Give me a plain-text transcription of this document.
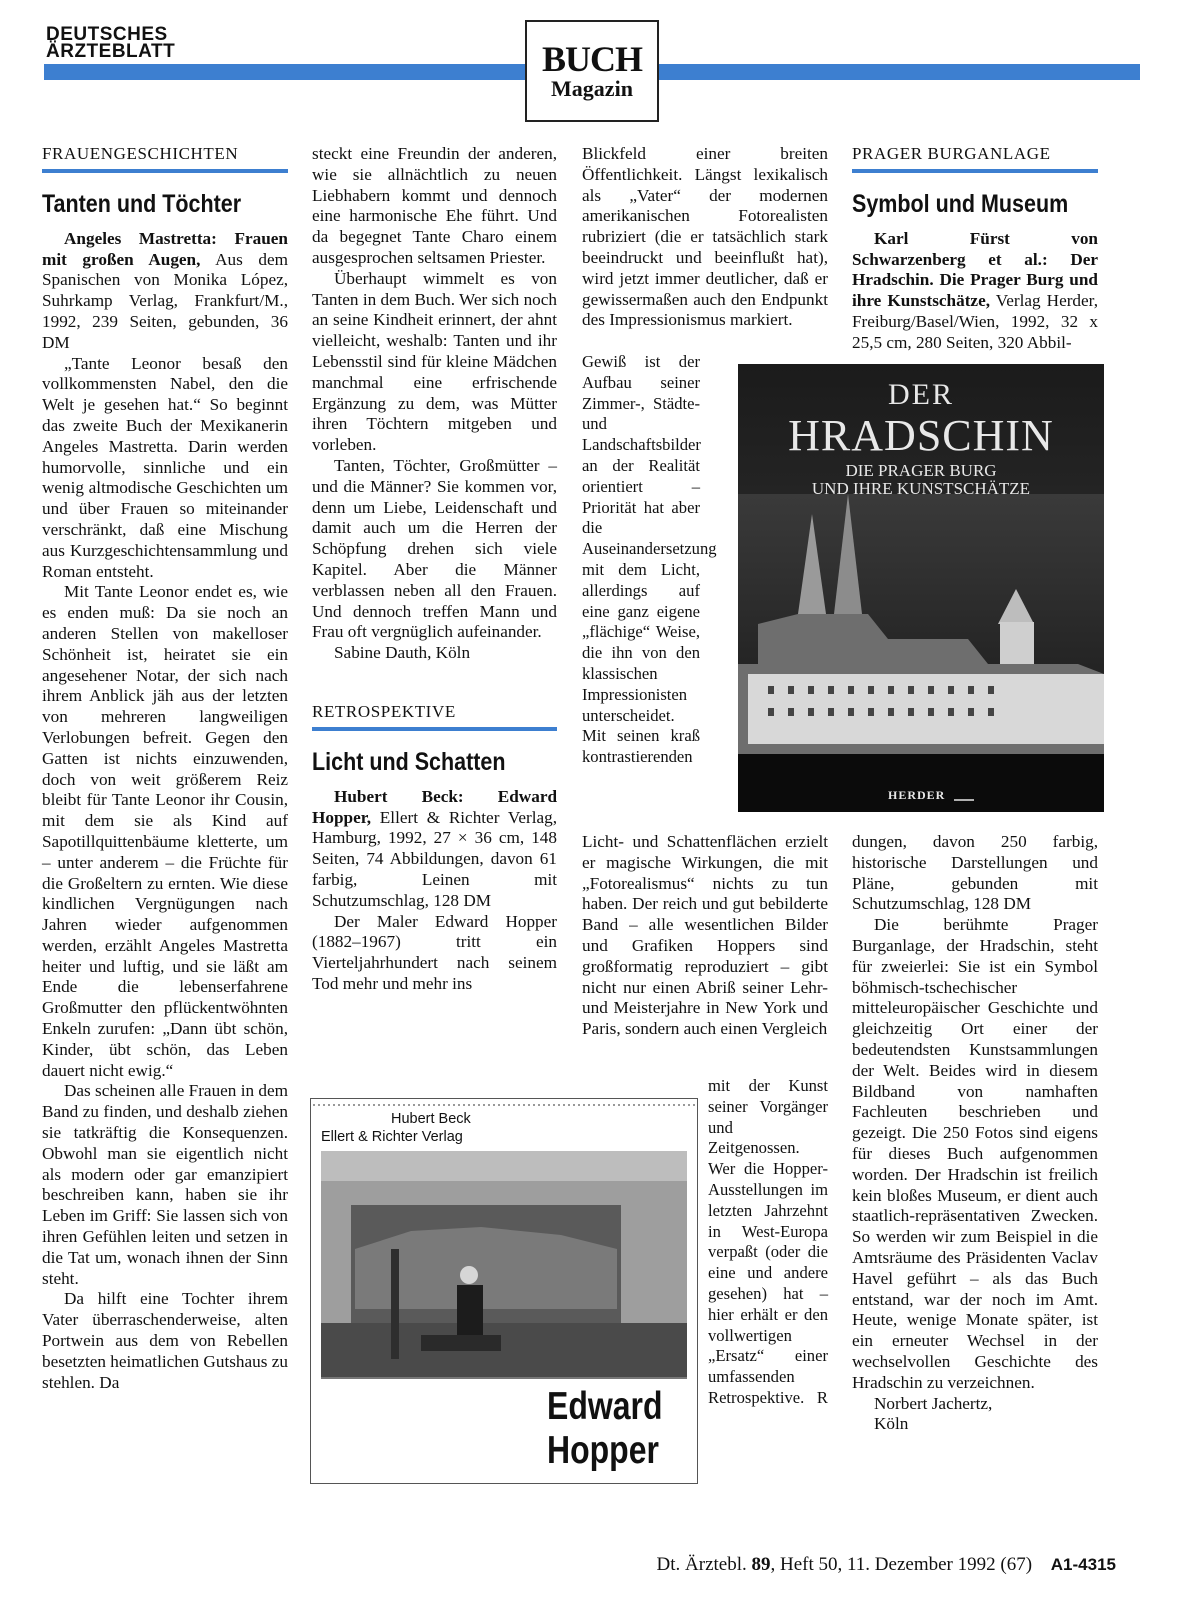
DEUTSCHES
ÄRZTEBLATT	BUCH
Magazin
FRAUENGESCHICHTEN
Tanten und Töchter

Angeles Mastretta: Frauen mit großen Augen, Aus dem Spanischen von Monika López, Suhrkamp Verlag, Frankfurt/M., 1992, 239 Seiten, gebunden, 36 DM

„Tante Leonor besaß den vollkommensten Nabel, den die Welt je gesehen hat.“ So beginnt das zweite Buch der Mexikanerin Angeles Mastretta. Darin werden humorvolle, sinnliche und ein wenig altmodische Geschichten um und über Frauen so miteinander verschränkt, daß eine Mischung aus Kurzgeschichtensammlung und Roman entsteht.

Mit Tante Leonor endet es, wie es enden muß: Da sie noch an anderen Stellen von makelloser Schönheit ist, heiratet sie ein angesehener Notar, der sich nach ihrem Anblick jäh aus der letzten von mehreren langweiligen Verlobungen befreit. Gegen den Gatten ist nichts einzuwenden, doch von weit größerem Reiz bleibt für Tante Leonor ihr Cousin, mit dem sie als Kind auf Sapotillquittenbäume kletterte, um – unter anderem – die Früchte für die Großeltern zu ernten. Wie diese kindlichen Vergnügungen nach Jahren wieder aufgenommen werden, erzählt Angeles Mastretta heiter und luftig, und sie läßt am Ende die lebenserfahrene Großmutter den pflückentwöhnten Enkeln zurufen: „Dann übt schön, Kinder, übt schön, das Leben dauert nicht ewig.“

Das scheinen alle Frauen in dem Band zu finden, und deshalb ziehen sie tatkräftig die Konsequenzen. Obwohl man sie eigentlich nicht als modern oder gar emanzipiert beschreiben kann, haben sie ihr Leben im Griff: Sie lassen sich von ihren Gefühlen leiten und setzen in die Tat um, wonach ihnen der Sinn steht.

Da hilft eine Tochter ihrem Vater überraschenderweise, alten Portwein aus dem von Rebellen besetzten heimatlichen Gutshaus zu stehlen. Da

steckt eine Freundin der anderen, wie sie allnächtlich zu neuen Liebhabern kommt und dennoch eine harmonische Ehe führt. Und da begegnet Tante Charo einem ausgesprochen seltsamen Priester.

Überhaupt wimmelt es von Tanten in dem Buch. Wer sich noch an seine Kindheit erinnert, der ahnt vielleicht, weshalb: Tanten und ihr Lebensstil sind für kleine Mädchen manchmal eine erfrischende Ergänzung zu dem, was Mütter ihren Töchtern mitgeben und vorleben.

Tanten, Töchter, Großmütter – und die Männer? Sie kommen vor, denn um Liebe, Leidenschaft und damit auch um die Herren der Schöpfung drehen sich viele Kapitel. Aber die Männer verblassen neben all den Frauen. Und dennoch treffen Mann und Frau oft vergnüglich aufeinander.

Sabine Dauth, Köln

RETROSPEKTIVE
Licht und Schatten

Hubert Beck: Edward Hopper, Ellert & Richter Verlag, Hamburg, 1992, 27 × 36 cm, 148 Seiten, 74 Abbildungen, davon 61 farbig, Leinen mit Schutzumschlag, 128 DM

Der Maler Edward Hopper (1882–1967) tritt ein Vierteljahrhundert nach seinem Tod mehr und mehr ins

Blickfeld einer breiten Öffentlichkeit. Längst lexikalisch als „Vater“ der modernen amerikanischen Fotorealisten rubriziert (die er tatsächlich stark beeindruckt und beeinflußt hat), wird jetzt immer deutlicher, daß er gewissermaßen auch den Endpunkt des Impressionismus markiert.

Gewiß ist der Aufbau seiner Zimmer-, Städte- und Landschaftsbilder an der Realität orientiert – Priorität hat aber die Auseinandersetzung mit dem Licht, allerdings auf eine ganz eigene „flächige“ Weise, die ihn von den klassischen Impressionisten unterscheidet. Mit seinen kraß kontrastierenden

Licht- und Schattenflächen erzielt er magische Wirkungen, die mit „Fotorealismus“ nichts zu tun haben. Der reich und gut bebilderte Band – alle wesentlichen Bilder und Grafiken Hoppers sind großformatig reproduziert – gibt nicht nur einen Abriß seiner Lehr- und Meisterjahre in New York und Paris, sondern auch einen Vergleich

mit der Kunst seiner Vorgänger und Zeitgenossen. Wer die Hopper-Ausstellungen im letzten Jahrzehnt in West-Europa verpaßt (oder die eine und andere gesehen) hat – hier erhält er den vollwertigen „Ersatz“ einer umfassenden Retrospektive. R
PRAGER BURGANLAGE
Symbol und Museum

Karl Fürst von Schwarzenberg et al.: Der Hradschin. Die Prager Burg und ihre Kunstschätze, Verlag Herder, Freiburg/Basel/Wien, 1992, 32 x 25,5 cm, 280 Seiten, 320 Abbil-

dungen, davon 250 farbig, historische Darstellungen und Pläne, gebunden mit Schutzumschlag, 128 DM

Die berühmte Prager Burganlage, der Hradschin, steht für zweierlei: Sie ist ein Symbol böhmisch-tschechischer mitteleuropäischer Geschichte und gleichzeitig Ort einer der bedeutendsten Kunstsammlungen der Welt. Beides wird in diesem Bildband von namhaften Fachleuten beschrieben und gezeigt. Die 250 Fotos sind eigens für dieses Buch aufgenommen worden. Der Hradschin ist freilich kein bloßes Museum, er dient auch staatlich-repräsentativen Zwecken. So werden wir zum Beispiel in die Amtsräume des Präsidenten Vaclav Havel geführt – als das Buch entstand, war der noch im Amt. Heute, wenige Monate später, ist ein erneuter Wechsel in der wechselvollen Geschichte des Hradschin zu verzeichnen.

Norbert Jachertz,

Köln

DER
HRADSCHIN
DIE PRAGER BURG
UND IHRE KUNSTSCHÄTZE
HERDER
Hubert Beck
Ellert & Richter Verlag
Edward
Hopper
Dt. Ärztebl. 89, Heft 50, 11. Dezember 1992 (67) A1-4315
